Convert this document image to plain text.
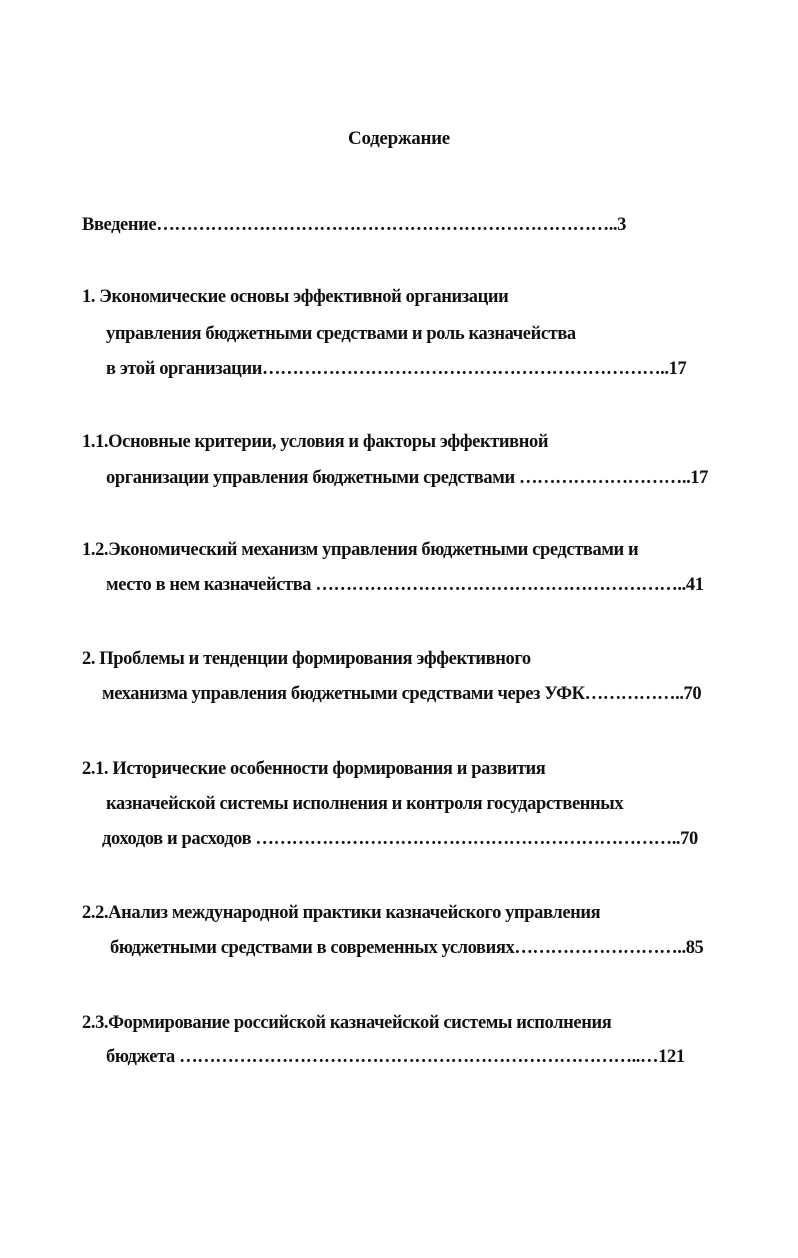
Содержание
Введение…………………………………………………………………..3
1. Экономические основы эффективной организации
управления бюджетными средствами и роль казначейства
в этой организации…………………………………………………………..17
1.1.Основные критерии, условия и факторы эффективной
организации управления бюджетными средствами ………………………..17
1.2.Экономический механизм управления бюджетными средствами и
место в нем казначейства ……………………………………………………..41
2. Проблемы и тенденции формирования эффективного
механизма управления бюджетными средствами через УФК……………..70
2.1. Исторические особенности формирования и развития
казначейской системы исполнения и контроля государственных
доходов и расходов ……………………………………………………………..70
2.2.Анализ международной практики казначейского управления
бюджетными средствами в современных условиях………………………..85
2.3.Формирование российской казначейской системы исполнения
бюджета …………………………………………………………………..…121
